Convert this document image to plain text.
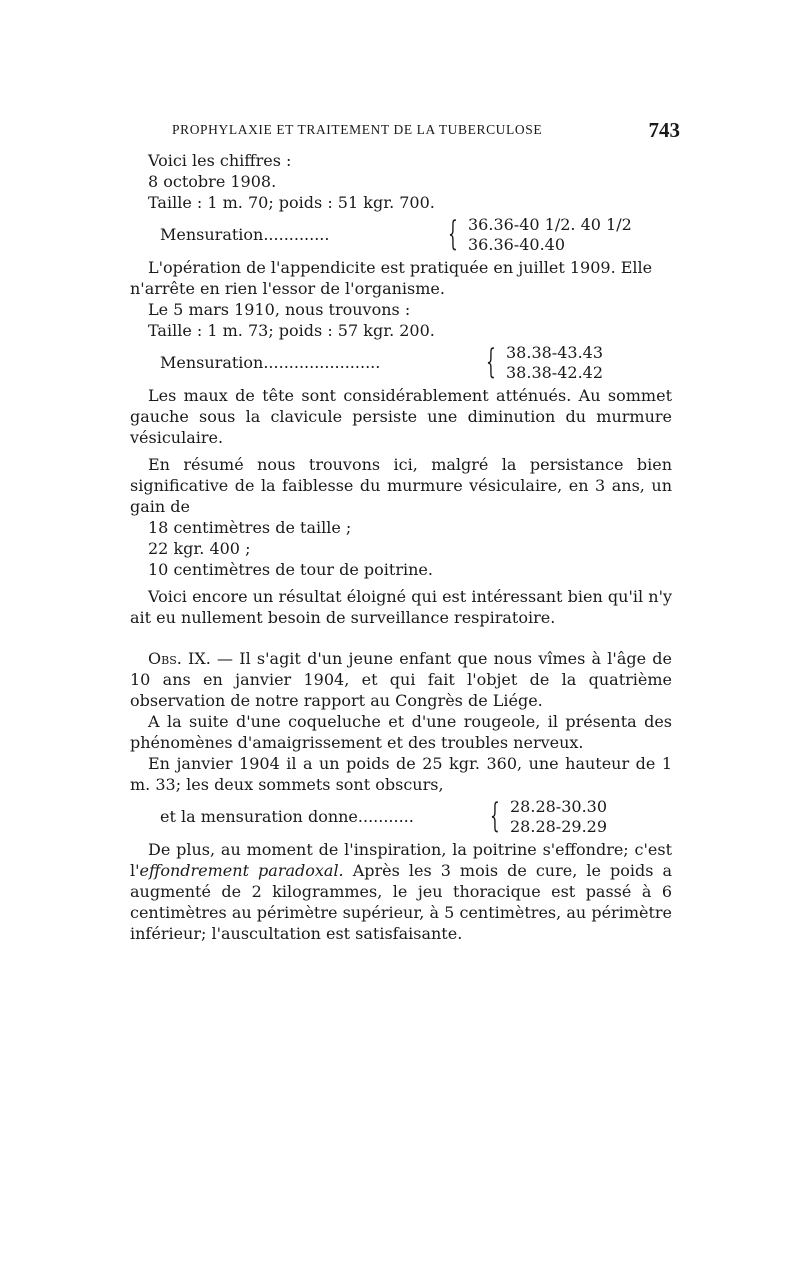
PROPHYLAXIE ET TRAITEMENT DE LA TUBERCULOSE	743

Voici les chiffres :

8 octobre 1908.

Taille : 1 m. 70; poids : 51 kgr. 700.

Mensuration.............	{ 36.36-40 1/2. 40 1/2
36.36-40.40

L'opération de l'appendicite est pratiquée en juillet 1909. Elle

n'arrête en rien l'essor de l'organisme.

Le 5 mars 1910, nous trouvons :

Taille : 1 m. 73; poids : 57 kgr. 200.

Mensuration.......................	{ 38.38-43.43
38.38-42.42

Les maux de tête sont considérablement atténués. Au sommet gauche sous la clavicule persiste une diminution du murmure vésiculaire.

En résumé nous trouvons ici, malgré la persistance bien significative de la faiblesse du murmure vésiculaire, en 3 ans, un gain de

18 centimètres de taille ;

22 kgr. 400 ;

10 centimètres de tour de poitrine.

Voici encore un résultat éloigné qui est intéressant bien qu'il n'y ait eu nullement besoin de surveillance respiratoire.

Obs. IX. — Il s'agit d'un jeune enfant que nous vîmes à l'âge de 10 ans en janvier 1904, et qui fait l'objet de la quatrième observation de notre rapport au Congrès de Liége.

A la suite d'une coqueluche et d'une rougeole, il présenta des phénomènes d'amaigrissement et des troubles nerveux.

En janvier 1904 il a un poids de 25 kgr. 360, une hauteur de 1 m. 33; les deux sommets sont obscurs,

et la mensuration donne........... { 28.28-30.30
28.28-29.29

De plus, au moment de l'inspiration, la poitrine s'effondre; c'est l'effondrement paradoxal. Après les 3 mois de cure, le poids a augmenté de 2 kilogrammes, le jeu thoracique est passé à 6 centimètres au périmètre supérieur, à 5 centimètres, au périmètre inférieur; l'auscultation est satisfaisante.
